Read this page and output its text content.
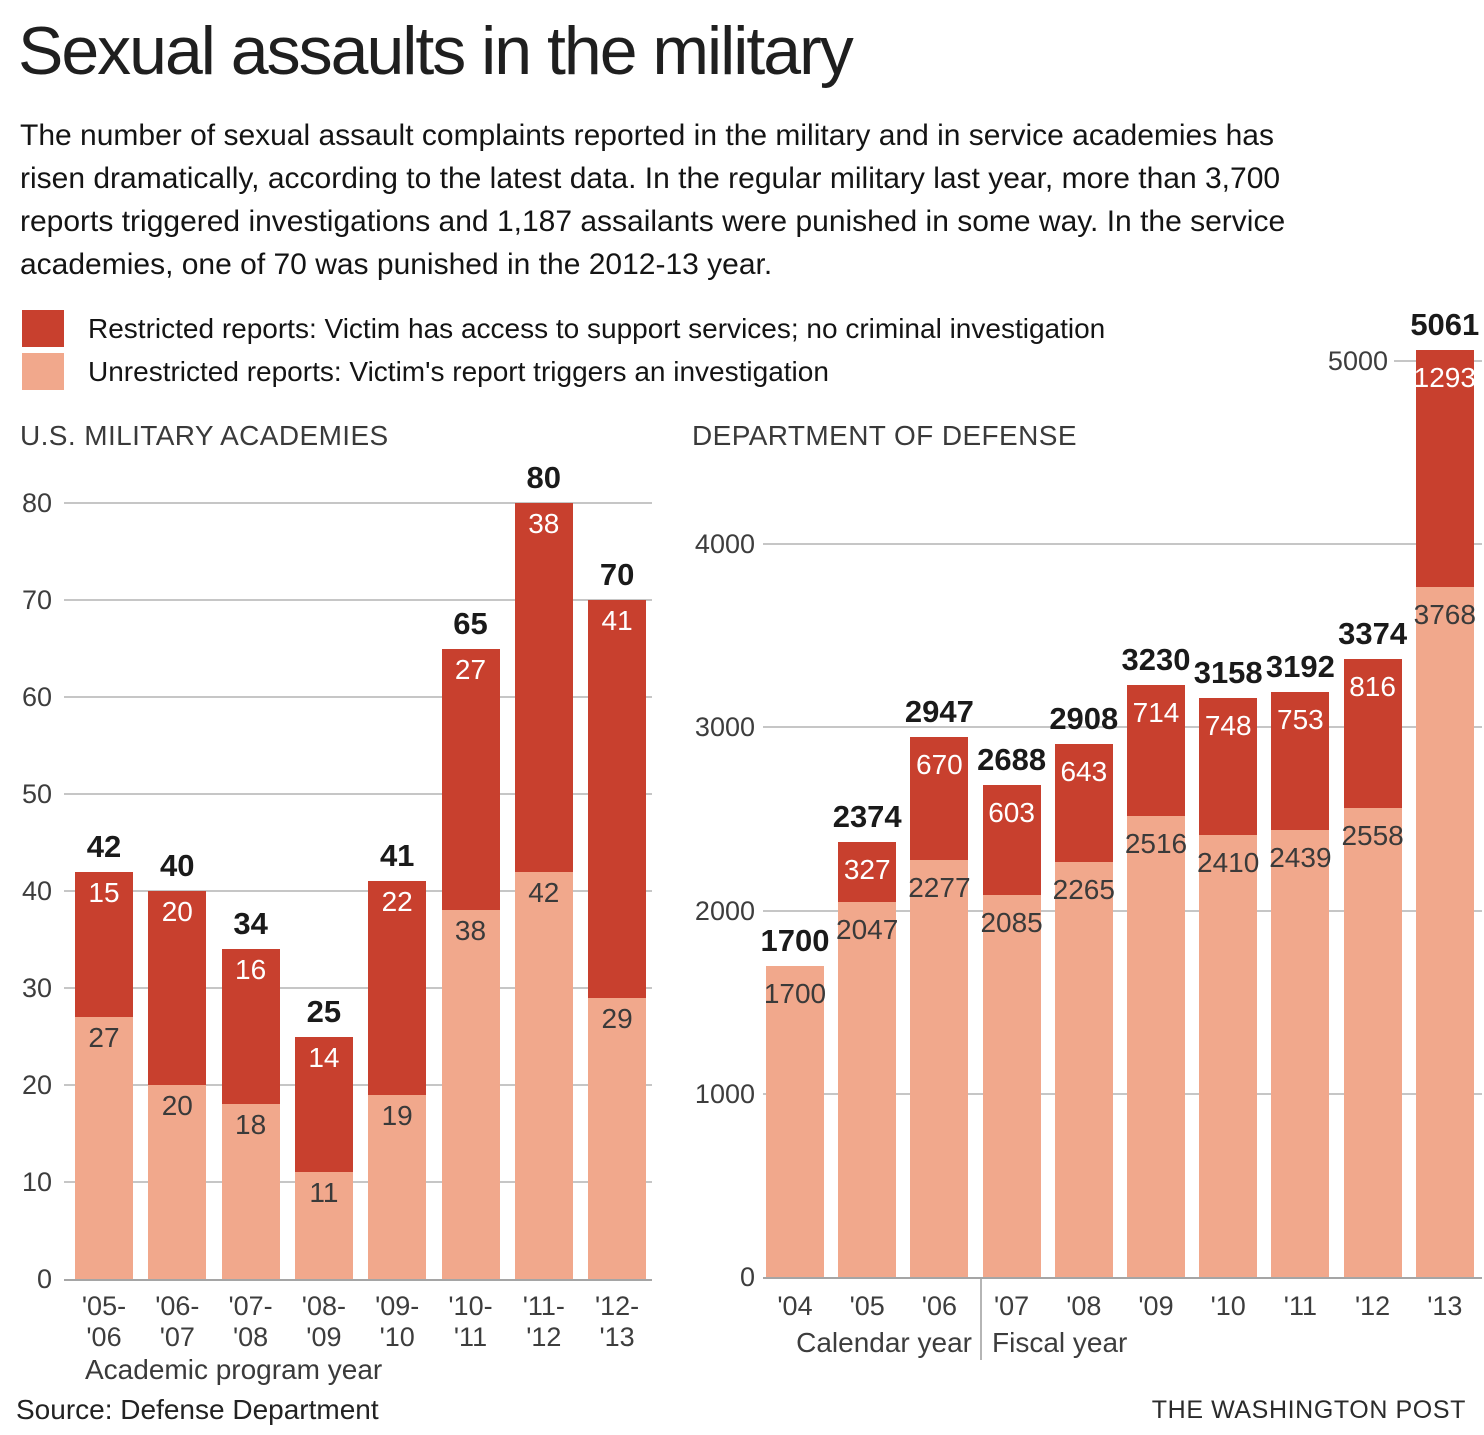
Sexual assaults in the military
The number of sexual assault complaints reported in the military and in service academies has
risen dramatically, according to the latest data. In the regular military last year, more than 3,700
reports triggered investigations and 1,187 assailants were punished in some way. In the service
academies, one of 70 was punished in the 2012-13 year.
Restricted reports: Victim has access to support services; no criminal investigation
Unrestricted reports: Victim's report triggers an investigation
U.S. MILITARY ACADEMIES	DEPARTMENT OF DEFENSE
0
10
20
30
40
50
60
70
80
27
15
42
'05-
'06
20
20
40
'06-
'07
18
16
34
'07-
'08
11
14
25
'08-
'09
19
22
41
'09-
'10
38
27
65
'10-
'11
42
38
80
'11-
'12
29
41
70
'12-
'13
Academic program year
0
1000
2000
3000
4000
5000
1700
1700
'04
2047
327
2374
'05
2277
670
2947
'06
2085
603
2688
'07
2265
643
2908
'08
2516
714
3230
'09
2410
748
3158
'10
2439
753
3192
'11
2558
816
3374
'12
3768
1293
5061
'13
Calendar year Fiscal year
Source: Defense Department	THE WASHINGTON POST
